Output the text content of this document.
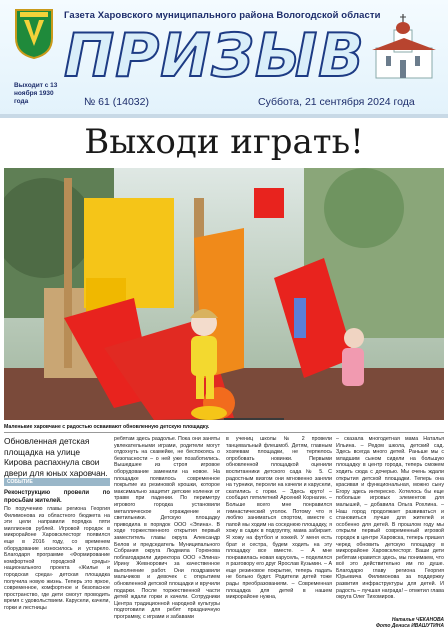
Газета Харовского муниципального района Вологодской области
ПРИЗЫВ
Выходит с 13 ноября 1930 года	№ 61 (14032)	Суббота, 21 сентября 2024 года
Выходи играть!
Маленькие харовчане с радостью осваивают обновленную детскую площадку.
Обновленная детская площадка на улице Кирова распахнула свои двери для юных харовчан.
СОБЫТИЕ
Реконструкцию провели по просьбам жителей.
По поручению главы региона Георгия Филимонова из областного бюджета на эти цели направили порядка пяти миллионов рублей. Игровой городок в микрорайоне Харовсклесторг появился еще в 2016 году, со временем оборудование износилось и устарело. Благодаря программе «Формирование комфортной городской среды» национального проекта «Жилье и городская среда» детская площадка получила новую жизнь. Теперь это яркое, современное, комфортное и безопасное пространство, где дети смогут проводить время с удовольствием. Карусели, качели, горки и лестницы
ребятам здесь раздолье. Пока они заняты увлекательными играми, родители могут отдохнуть на скамейке, не беспокоясь о безопасности – о ней уже позаботились. Вышедшее из строя игровое оборудование заменили на новое. На площадке появилось современное покрытие из резиновой крошки, которое максимально защитит детские коленки от травм при падении. По периметру игрового городка установили металлическое ограждение и светильники. Детскую площадку приводила в порядок ООО «Элина». В ходе торжественного открытия первый заместитель главы округа Александр Белов и председатель Муниципального Собрания округа Людмила Горюнова поблагодарили директора ООО «Элина» Ирину Жевнорович за качественное выполнение работ. Они поздравили мальчиков и девочек с открытием обновленной детской площадки и вручили подарки. После торжественной части детей ждали горки и качели. Сотрудники Центра традиционной народной культуры подготовили для ребят праздничную программу, с играми и забавами
в учениц школы № 2 провели танцевальный флешмоб. Детям, главным хозяевам площадки, не терпелось опробовать новинки. Первыми обновленной площадкой оценили воспитанники детского сада № 5. С радостным визгом они мгновенно заняли на турники, персели на качели и карусели, скатились с горки. – Здесь круто! – сообщил пятилетний Арсений Корнагин. – Больше всего мне понравился гимнастический уголок. Потому что я люблю заниматься спортом, вместе с папой мы ходим на соседнюю площадку, я хожу в садик в подгруппу, мама забирает. Я хожу на футбол и хоккей. У меня есть брат и сестра, будем ходить на эту площадку все вместе. – А мне понравилась новая карусель, – поделился я разговору его друг Ярослав Кузьмин. – А еще резиновое покрытие, теперь падать не больно будет. Родители детей тоже рады преобразованиям. – Современная площадка для детей в нашем микрорайоне нужна,
– сказала многодетная мама Наталья Ильина. – Редом школа, детский сад. Здесь всегда много детей. Раньше мы с младшим сыном сидели на большую площадку в центр города, теперь сможем ходить сюда с дочерью. Мы очень ждали открытия детской площадки. Теперь она красивая и функциональная, можно сыну Егору здесь интересно. Хотелось бы еще побольше игровых элементов для малышей, – добавила Ольга Рохлина. – Наш город продолжает развиваться и становиться лучше для жителей и особенно для детей. В прошлом году мы открыли первый современный игровой городок в центре Харовска, теперь пришел черед обновить детскую площадку в микрорайоне Харовсклесторг. Ваши дети ребятам нравится здесь, мы понимаем, что всё это действительно им по душе. Благодарю главу региона Георгия Юрьевича Филимонова за поддержку развития инфраструктуры для детей. И радость – лучшая награда! – отметил глава округа Олег Тихомиров.
Наталья ЧЕКАНОВА
Фото Дениса ИВАШУТИНА
